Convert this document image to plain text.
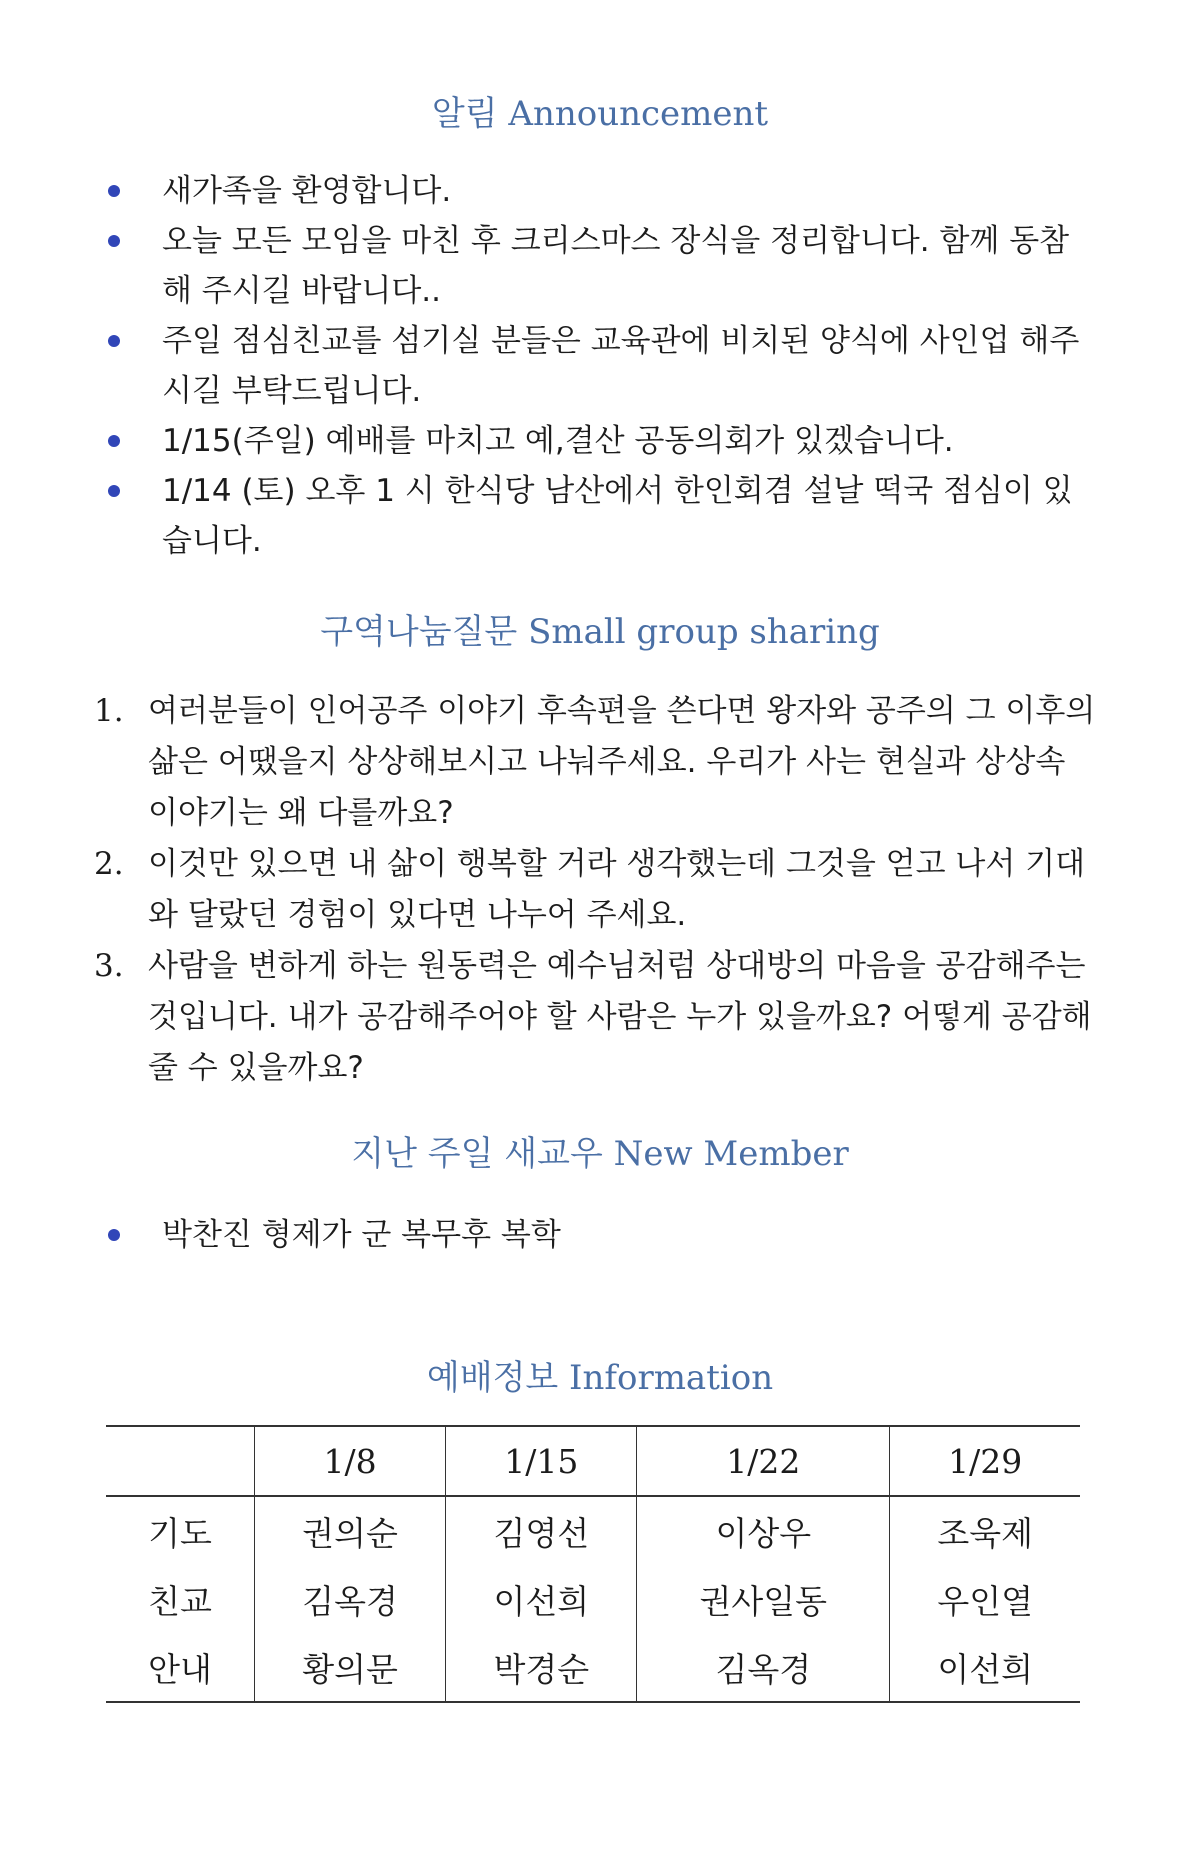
알림 Announcement
새가족을 환영합니다.
오늘 모든 모임을 마친 후 크리스마스 장식을 정리합니다. 함께 동참해 주시길 바랍니다..
주일 점심친교를 섬기실 분들은 교육관에 비치된 양식에 사인업 해주시길 부탁드립니다.
1/15(주일) 예배를 마치고 예,결산 공동의회가 있겠습니다.
1/14 (토) 오후 1 시 한식당 남산에서 한인회겸 설날 떡국 점심이 있습니다.
구역나눔질문 Small group sharing
1. 여러분들이 인어공주 이야기 후속편을 쓴다면 왕자와 공주의 그 이후의 삶은 어땠을지 상상해보시고 나눠주세요. 우리가 사는 현실과 상상속 이야기는 왜 다를까요?
2. 이것만 있으면 내 삶이 행복할 거라 생각했는데 그것을 얻고 나서 기대와 달랐던 경험이 있다면 나누어 주세요.
3. 사람을 변하게 하는 원동력은 예수님처럼 상대방의 마음을 공감해주는 것입니다. 내가 공감해주어야 할 사람은 누가 있을까요? 어떻게 공감해 줄 수 있을까요?
지난 주일 새교우 New Member
박찬진 형제가 군 복무후 복학
예배정보 Information
	1/8	1/15	1/22	1/29
기도	권의순	김영선	이상우	조욱제
친교	김옥경	이선희	권사일동	우인열
안내	황의문	박경순	김옥경	이선희
